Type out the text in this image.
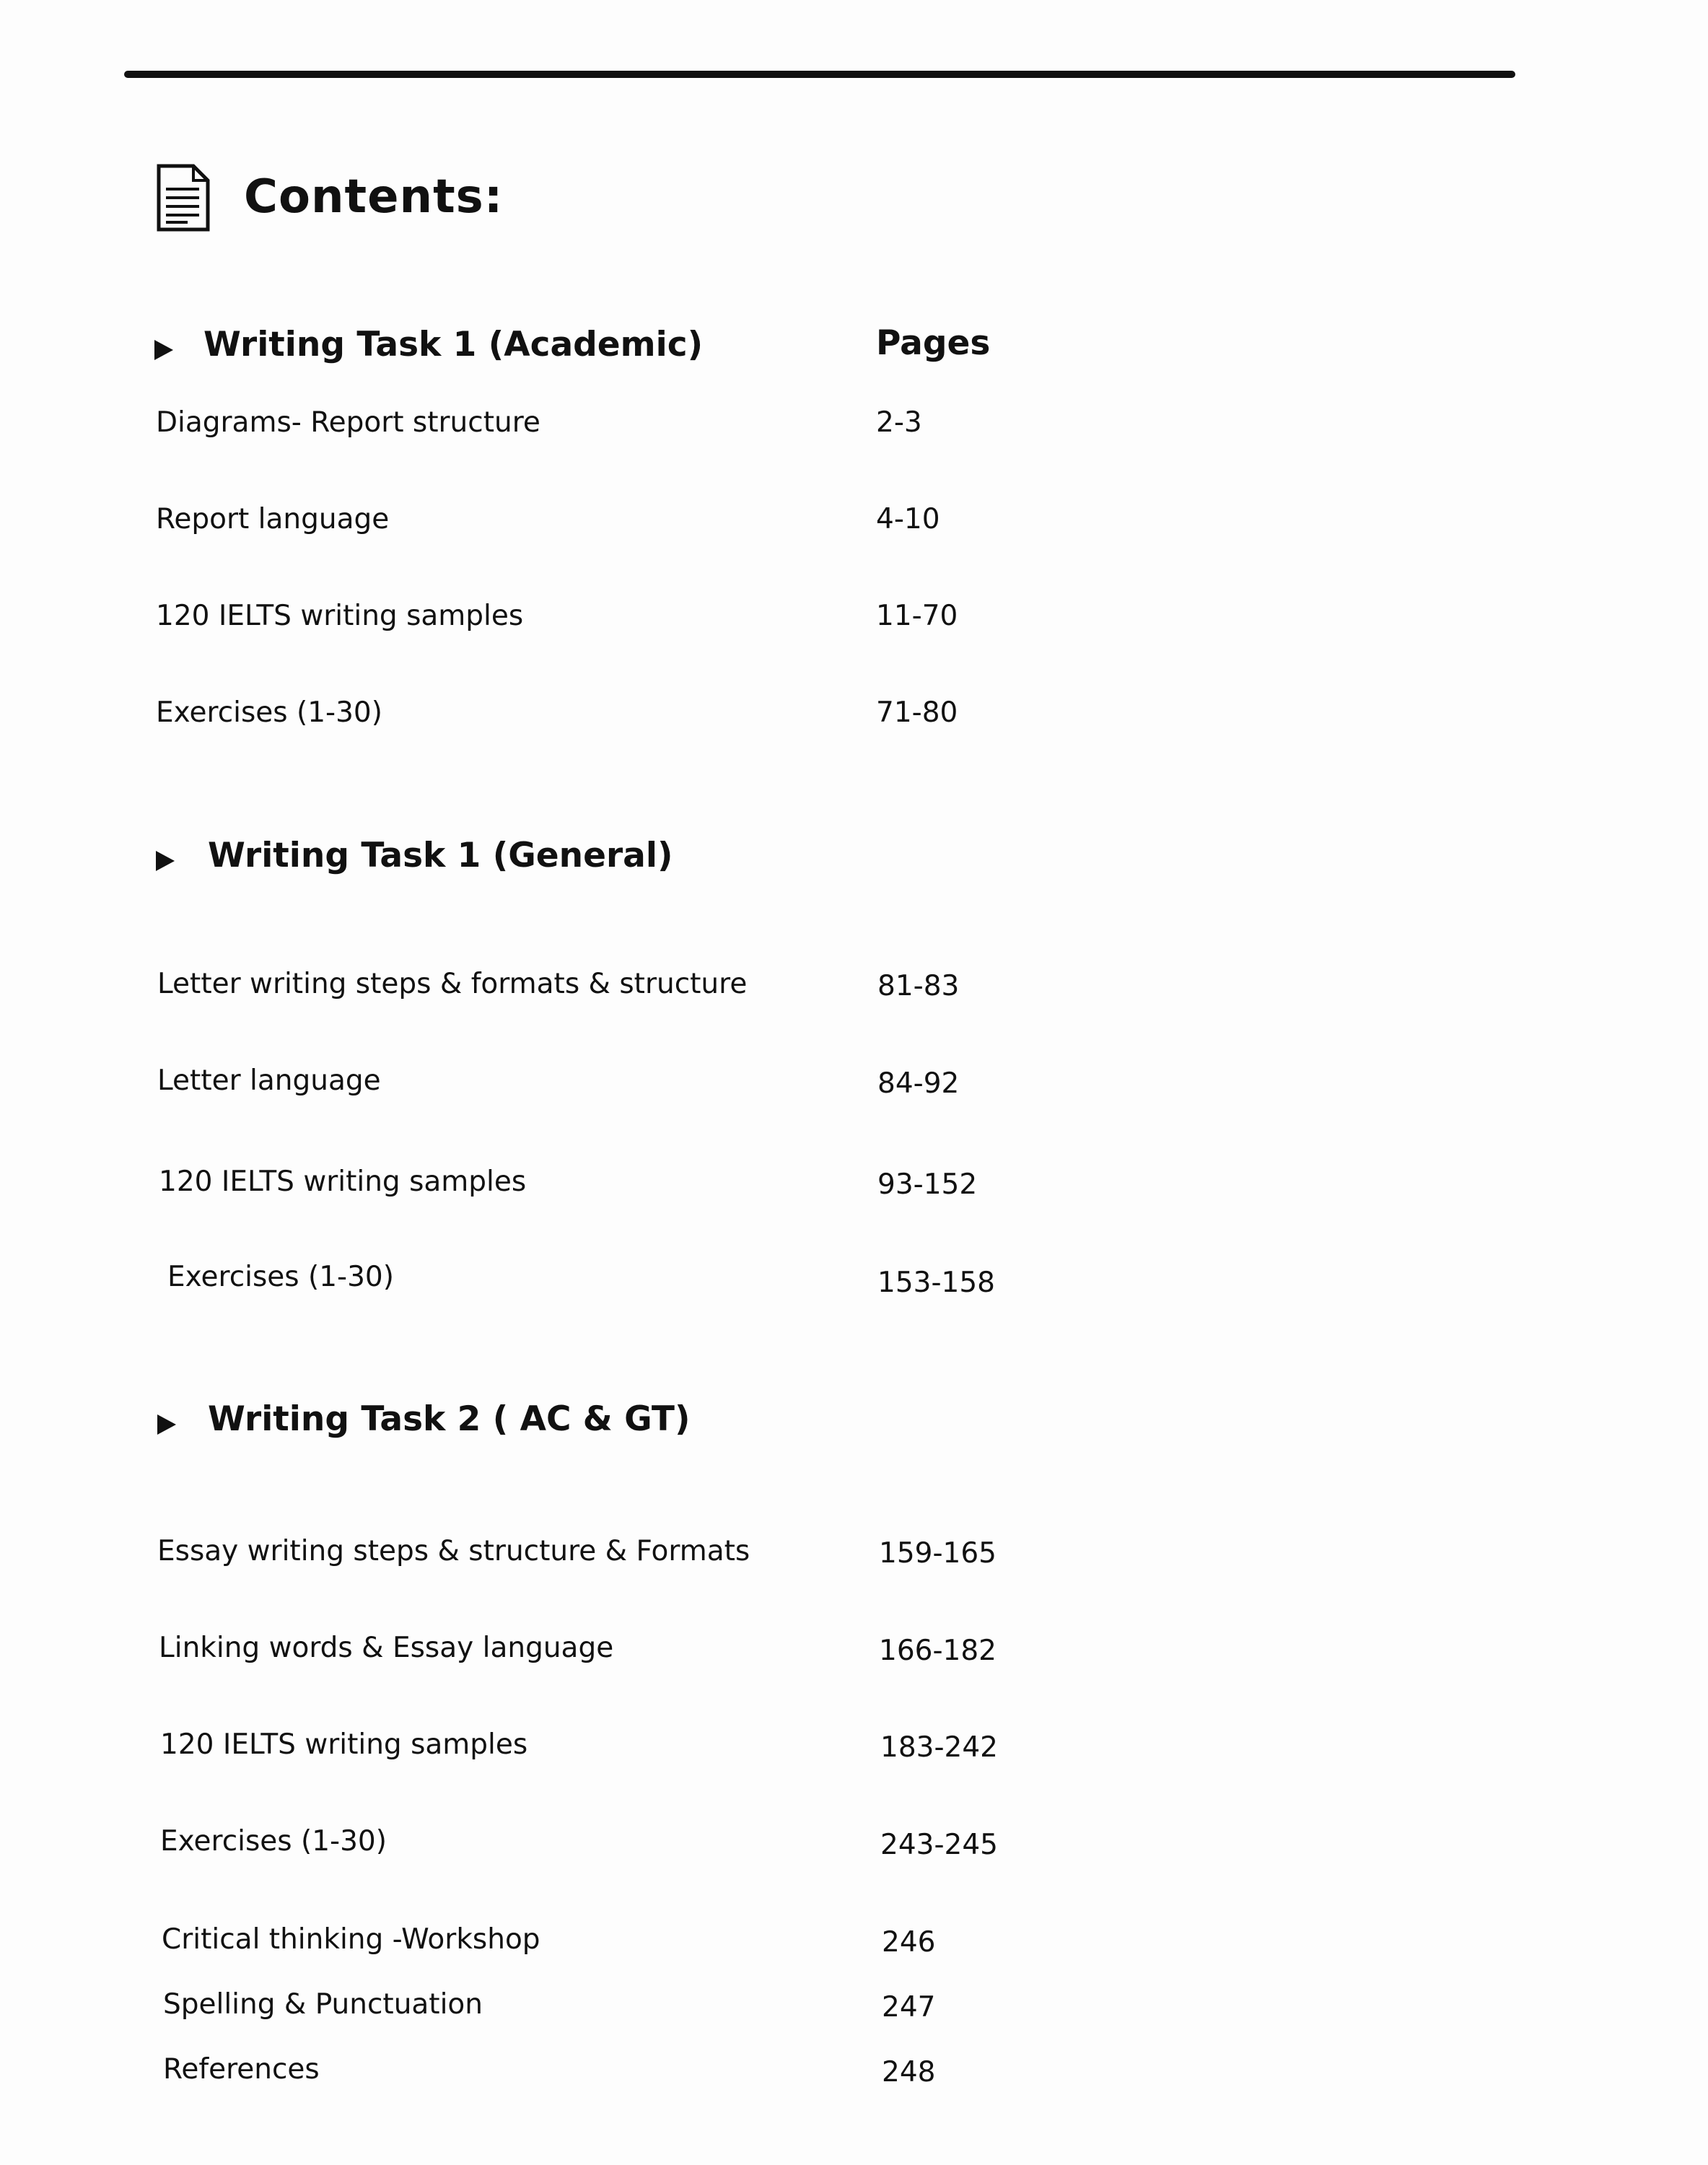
Contents:
Writing Task 1 (Academic)	Pages
Diagrams- Report structure	2-3
Report language	4-10
120 IELTS writing samples	11-70
Exercises (1-30)	71-80
Writing Task 1 (General)
Letter writing steps & formats & structure	81-83
Letter language	84-92
120 IELTS writing samples	93-152
Exercises (1-30)	153-158
Writing Task 2 ( AC & GT)
Essay writing steps & structure & Formats	159-165
Linking words & Essay language	166-182
120 IELTS writing samples	183-242
Exercises (1-30)	243-245
Critical thinking -Workshop	246
Spelling & Punctuation	247
References	248
